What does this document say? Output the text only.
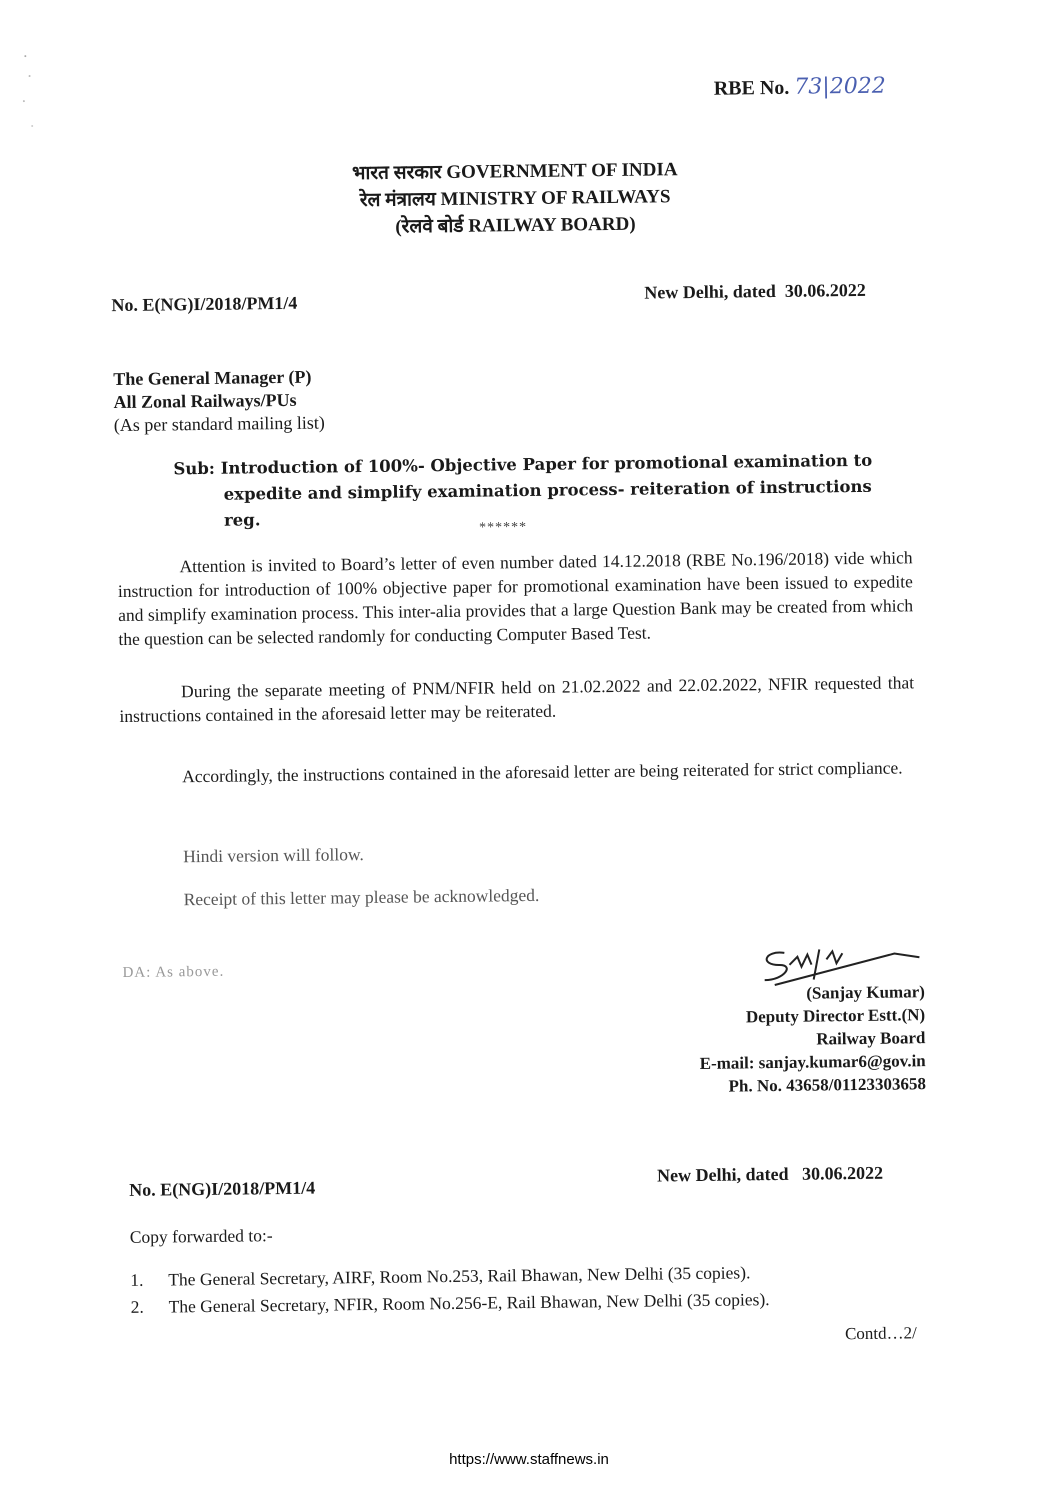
RBE No. 73|2022
भारत सरकार GOVERNMENT OF INDIA
रेल मंत्रालय MINISTRY OF RAILWAYS
(रेलवे बोर्ड RAILWAY BOARD)
No. E(NG)I/2018/PM1/4
New Delhi, dated 30.06.2022
The General Manager (P)
All Zonal Railways/PUs
(As per standard mailing list)
Sub: Introduction of 100%- Objective Paper for promotional examination to
expedite and simplify examination process- reiteration of instructions reg.	******
Attention is invited to Board’s letter of even number dated 14.12.2018 (RBE No.196/2018) vide which instruction for introduction of 100% objective paper for promotional examination have been issued to expedite and simplify examination process. This inter-alia provides that a large Question Bank may be created from which the question can be selected randomly for conducting Computer Based Test.
During the separate meeting of PNM/NFIR held on 21.02.2022 and 22.02.2022, NFIR requested that instructions contained in the aforesaid letter may be reiterated.
Accordingly, the instructions contained in the aforesaid letter are being reiterated for strict compliance.
Hindi version will follow.
Receipt of this letter may please be acknowledged.
DA: As above.
(Sanjay Kumar)
Deputy Director Estt.(N)
Railway Board
E-mail: sanjay.kumar6@gov.in
Ph. No. 43658/01123303658
No. E(NG)I/2018/PM1/4
New Delhi, dated 30.06.2022
Copy forwarded to:-
1. The General Secretary, AIRF, Room No.253, Rail Bhawan, New Delhi (35 copies).
2. The General Secretary, NFIR, Room No.256-E, Rail Bhawan, New Delhi (35 copies).
Contd…2/
https://www.staffnews.in
